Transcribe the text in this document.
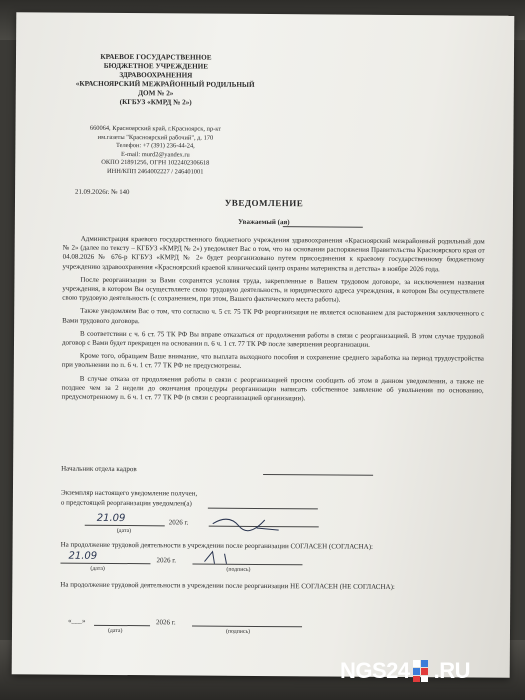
КРАЕВОЕ ГОСУДАРСТВЕННОЕ
БЮДЖЕТНОЕ УЧРЕЖДЕНИЕ
ЗДРАВООХРАНЕНИЯ
«КРАСНОЯРСКИЙ МЕЖРАЙОННЫЙ РОДИЛЬНЫЙ
ДОМ № 2»
(КГБУЗ «КМРД № 2»)
660064, Красноярский край, г.Красноярск, пр-кт
им.газеты "Красноярский рабочий", д. 170
Телефон: +7 (391) 236-44-24,
E-mail: murd2@yandex.ru
ОКПО 21891256, ОГРН 1022402306618
ИНН/КПП 2464002227 / 246401001
21.09.2026г. № 140
УВЕДОМЛЕНИЕ
Уважаемый (ая)

Администрация краевого государственного бюджетного учреждения здравоохранения «Красноярский межрайонный родильный дом № 2» (далее по тексту – КГБУЗ «КМРД № 2») уведомляет Вас о том, что на основании распоряжения Правительства Красноярского края от 04.08.2026 № 676-р КГБУЗ «КМРД № 2» будет реорганизовано путем присоединения к краевому государственному бюджетному учреждению здравоохранения «Красноярский краевой клинический центр охраны материнства и детства» в ноябре 2026 года.

После реорганизации за Вами сохранятся условия труда, закрепленные в Вашем трудовом договоре, за исключением названия учреждения, в котором Вы осуществляете свою трудовую деятельность, и юридического адреса учреждения, в котором Вы осуществляете свою трудовую деятельность (с сохранением, при этом, Вашего фактического места работы).

Также уведомляем Вас о том, что согласно ч. 5 ст. 75 ТК РФ реорганизация не является основанием для расторжения заключенного с Вами трудового договора.

В соответствии с ч. 6 ст. 75 ТК РФ Вы вправе отказаться от продолжения работы в связи с реорганизацией. В этом случае трудовой договор с Вами будет прекращен на основании п. 6 ч. 1 ст. 77 ТК РФ после завершения реорганизации.

Кроме того, обращаем Ваше внимание, что выплата выходного пособия и сохранение среднего заработка на период трудоустройства при увольнении по п. 6 ч. 1 ст. 77 ТК РФ не предусмотрены.

В случае отказа от продолжения работы в связи с реорганизацией просим сообщить об этом в данном уведомлении, а также не позднее чем за 2 недели до окончания процедуры реорганизации написать собственное заявление об увольнении по основанию, предусмотренному п. 6 ч. 1 ст. 77 ТК РФ (в связи с реорганизацией организации).

Начальник отдела кадров
Экземпляр настоящего уведомление получен,
о предстоящей реорганизации уведомлен(а)
21.09	2026 г.
(дата)

На продолжение трудовой деятельности в учреждении после реорганизации СОГЛАСЕН (СОГЛАСНА):

21.09	2026 г.
(дата)	(подпись)

На продолжение трудовой деятельности в учреждении после реорганизации НЕ СОГЛАСЕН (НЕ СОГЛАСНА):

«___»	2026 г.
(дата)	(подпись)
NGS24 .RU
